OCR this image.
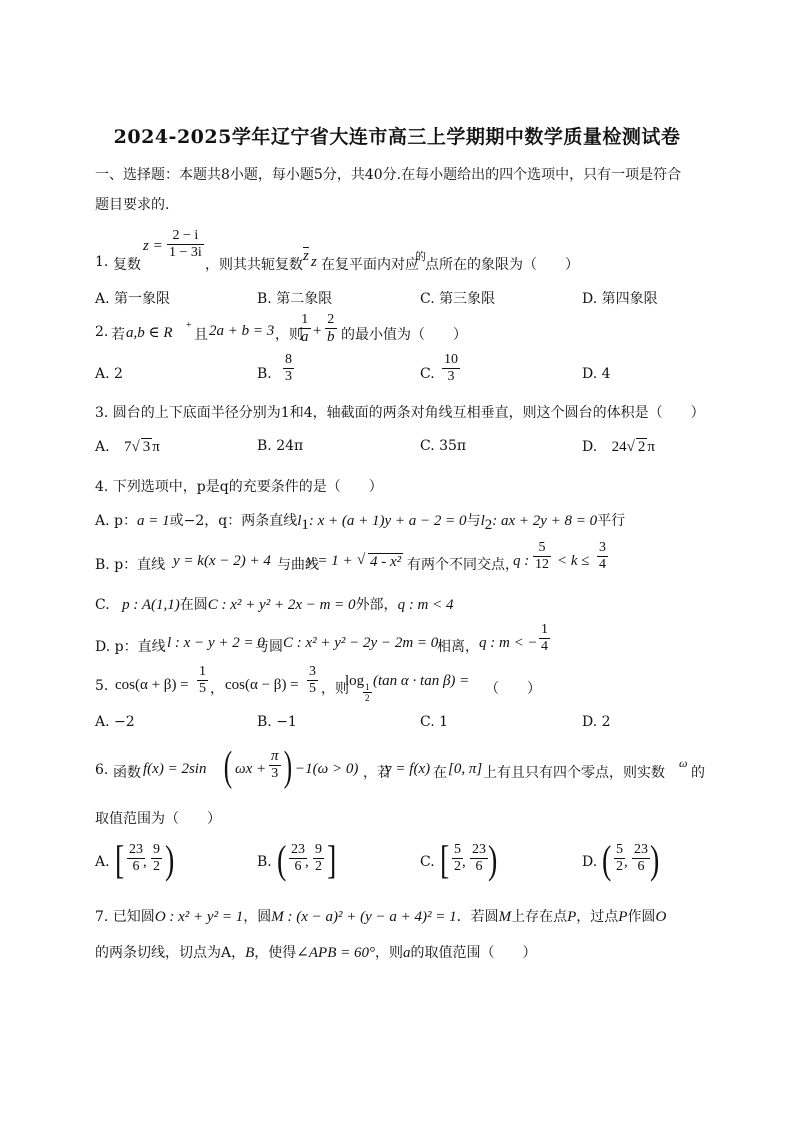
2024-2025学年辽宁省大连市高三上学期期中数学质量检测试卷
一、选择题：本题共8小题，每小题5分，共40分.在每小题给出的四个选项中，只有一项是符合
题目要求的.
1. 复数
$z = \frac{2 - i}{1 - 3i}$
，则其共轭复数
$\overline{z}$ z 在复平面内对应
的
点所在的象限为（　　）
A. 第一象限	B. 第二象限	C. 第三象限	D. 第四象限
2. 若 a,b ∈ R +
且 2a + b = 3 ，则
$\frac{1}{a} + \frac{2}{b}$ 的最小值为（　　）
A. 2	B. $\frac{8}{3}$	C. $\frac{10}{3}$	D. 4
3. 圆台的上下底面半径分别为1和4，轴截面的两条对角线互相垂直，则这个圆台的体积是（　　）
A. 7√ 3 π	B. 24π	C. 35π	D. 24√ 2 π
4. 下列选项中，p是q的充要条件的是（　　）
A. p：a = 1或−2，q：两条直线$l_1$: x + (a + 1)y + a − 2 = 0与$l_2$: ax + 2y + 8 = 0平行
B. p：直线 y = k(x − 2) + 4 与曲线
y = 1 + √ 4 - x² 有两个不同交点，
q : $\frac{5}{12} < k \le \frac{3}{4}$
C. p : A(1,1)在圆C : x² + y² + 2x − m = 0外部，q : m < 4
D. p：直线 l : x − y + 2 = 0
与圆 C : x² + y² − 2y − 2m = 0
相离， q : m < − $\frac{1}{4}$
5. $\cos(\alpha + \beta) = \frac{1}{5}$ ， $\cos(\alpha - \beta) = \frac{3}{5}$ ，则
log
$\frac{1}{2}$
(tan α · tan β) = （　　）
A. −2	B. −1	C. 1	D. 2
6. 函数 f(x) = 2sin ( $\omega x + \frac{\pi}{3}$ ) −1(ω > 0) ，若
y = f(x) 在 [0, π] 上有且只有四个零点，则实数
ω
的
取值范围为（　　）
A. [ $\frac{23}{6}$
, $\frac{9}{2}$ )	B. ( $\frac{23}{6}$
, $\frac{9}{2}$ ]	C. [ $\frac{5}{2}$ , $\frac{23}{6}$ )	D. ( $\frac{5}{2}$ , $\frac{23}{6}$ )
7. 已知圆O : x² + y² = 1，圆M : (x − a)² + (y − a + 4)² = 1．若圆M上存在点P，过点P作圆O
的两条切线，切点为A，B，使得∠APB = 60°，则a的取值范围（　　）
